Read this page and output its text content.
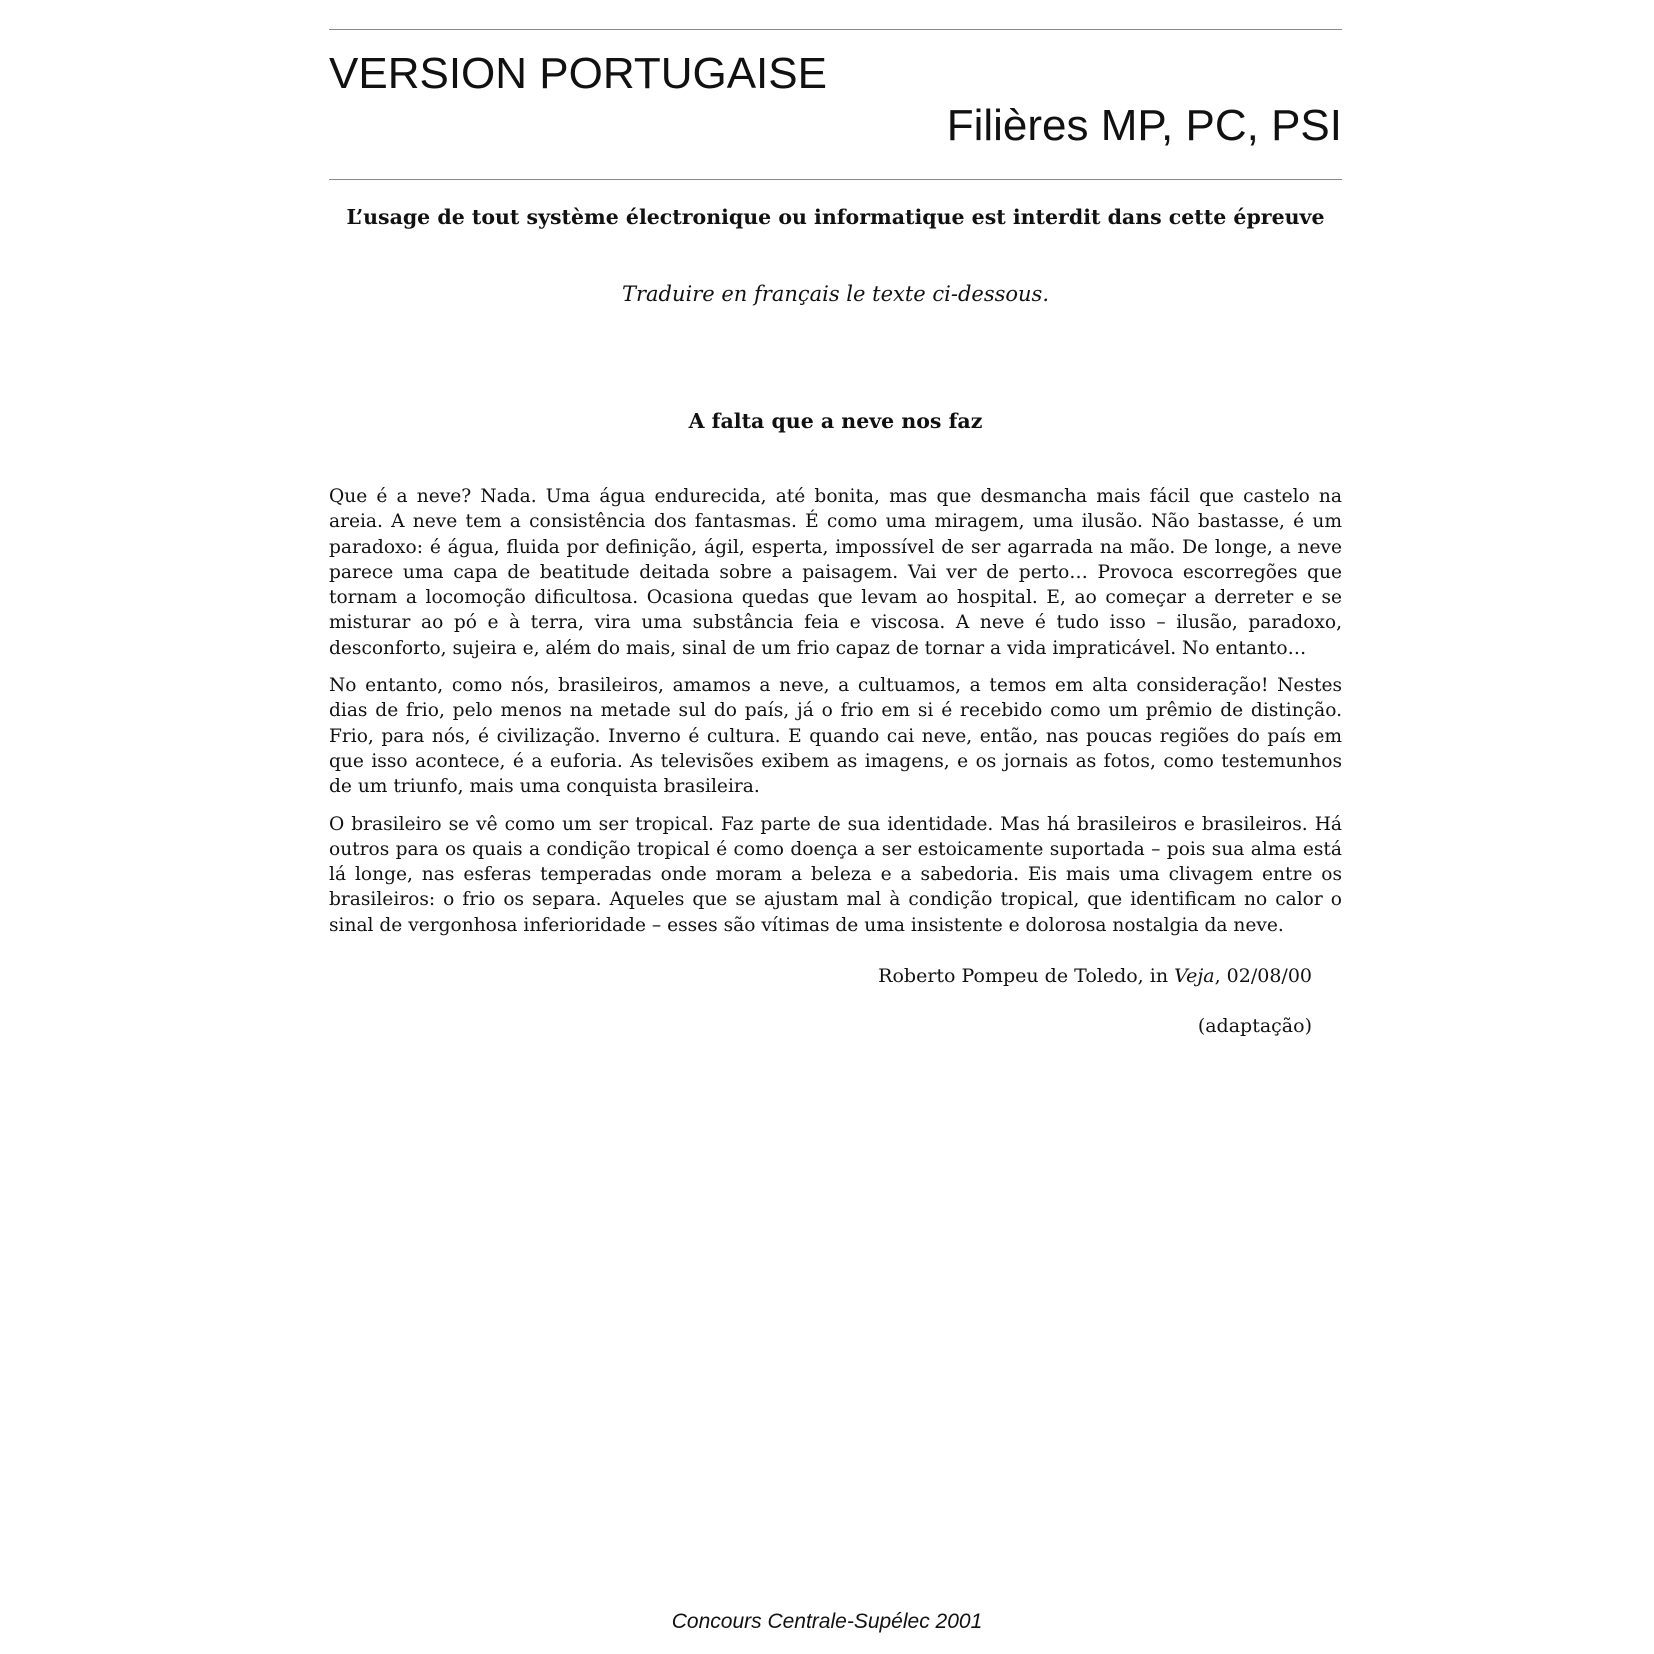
VERSION PORTUGAISE
Filières MP, PC, PSI
L’usage de tout système électronique ou informatique est interdit dans cette épreuve
Traduire en français le texte ci-dessous.
A falta que a neve nos faz

Que é a neve? Nada. Uma água endurecida, até bonita, mas que desmancha mais fácil que castelo na
areia. A neve tem a consistência dos fantasmas. É como uma miragem, uma ilusão. Não bastasse, é um
paradoxo: é água, fluida por definição, ágil, esperta, impossível de ser agarrada na mão. De longe, a neve
parece uma capa de beatitude deitada sobre a paisagem. Vai ver de perto… Provoca escorregões que
tornam a locomoção dificultosa. Ocasiona quedas que levam ao hospital. E, ao começar a derreter e se
misturar ao pó e à terra, vira uma substância feia e viscosa. A neve é tudo isso – ilusão, paradoxo,
desconforto, sujeira e, além do mais, sinal de um frio capaz de tornar a vida impraticável. No entanto…

No entanto, como nós, brasileiros, amamos a neve, a cultuamos, a temos em alta consideração! Nestes
dias de frio, pelo menos na metade sul do país, já o frio em si é recebido como um prêmio de distinção.
Frio, para nós, é civilização. Inverno é cultura. E quando cai neve, então, nas poucas regiões do país em
que isso acontece, é a euforia. As televisões exibem as imagens, e os jornais as fotos, como testemunhos
de um triunfo, mais uma conquista brasileira.

O brasileiro se vê como um ser tropical. Faz parte de sua identidade. Mas há brasileiros e brasileiros. Há
outros para os quais a condição tropical é como doença a ser estoicamente suportada – pois sua alma está
lá longe, nas esferas temperadas onde moram a beleza e a sabedoria. Eis mais uma clivagem entre os
brasileiros: o frio os separa. Aqueles que se ajustam mal à condição tropical, que identificam no calor o
sinal de vergonhosa inferioridade – esses são vítimas de uma insistente e dolorosa nostalgia da neve.

Roberto Pompeu de Toledo, in Veja, 02/08/00
(adaptação)
Concours Centrale-Supélec 2001
